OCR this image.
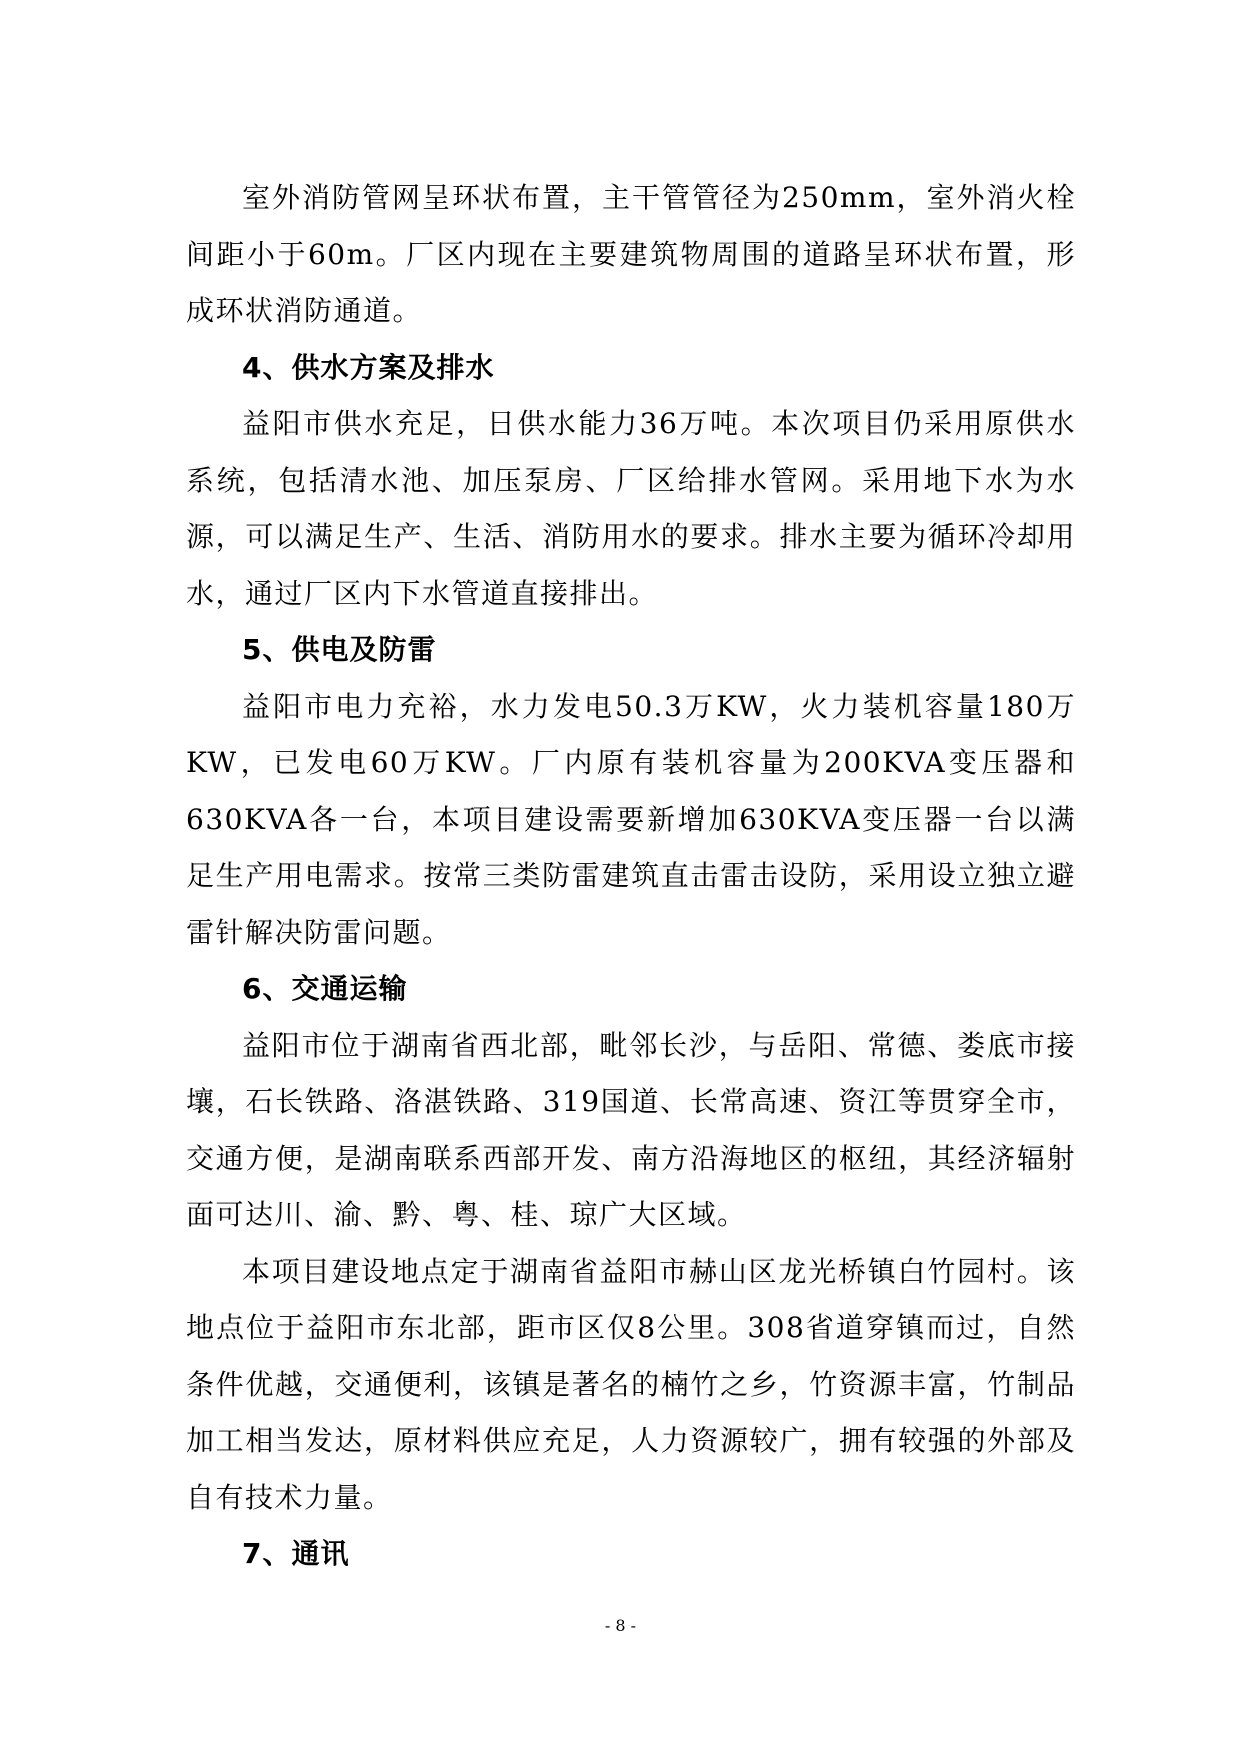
室外消防管网呈环状布置，主干管管径为250mm，室外消火栓间距小于60m。厂区内现在主要建筑物周围的道路呈环状布置，形成环状消防通道。

4、供水方案及排水

益阳市供水充足，日供水能力36万吨。本次项目仍采用原供水系统，包括清水池、加压泵房、厂区给排水管网。采用地下水为水源，可以满足生产、生活、消防用水的要求。排水主要为循环冷却用水，通过厂区内下水管道直接排出。

5、供电及防雷

益阳市电力充裕，水力发电50.3万KW，火力装机容量180万KW，已发电60万KW。厂内原有装机容量为200KVA变压器和630KVA各一台，本项目建设需要新增加630KVA变压器一台以满足生产用电需求。按常三类防雷建筑直击雷击设防，采用设立独立避雷针解决防雷问题。

6、交通运输

益阳市位于湖南省西北部，毗邻长沙，与岳阳、常德、娄底市接壤，石长铁路、洛湛铁路、319国道、长常高速、资江等贯穿全市，交通方便，是湖南联系西部开发、南方沿海地区的枢纽，其经济辐射面可达川、渝、黔、粤、桂、琼广大区域。

本项目建设地点定于湖南省益阳市赫山区龙光桥镇白竹园村。该地点位于益阳市东北部，距市区仅8公里。308省道穿镇而过，自然条件优越，交通便利，该镇是著名的楠竹之乡，竹资源丰富，竹制品加工相当发达，原材料供应充足，人力资源较广，拥有较强的外部及自有技术力量。

7、通讯

- 8 -
